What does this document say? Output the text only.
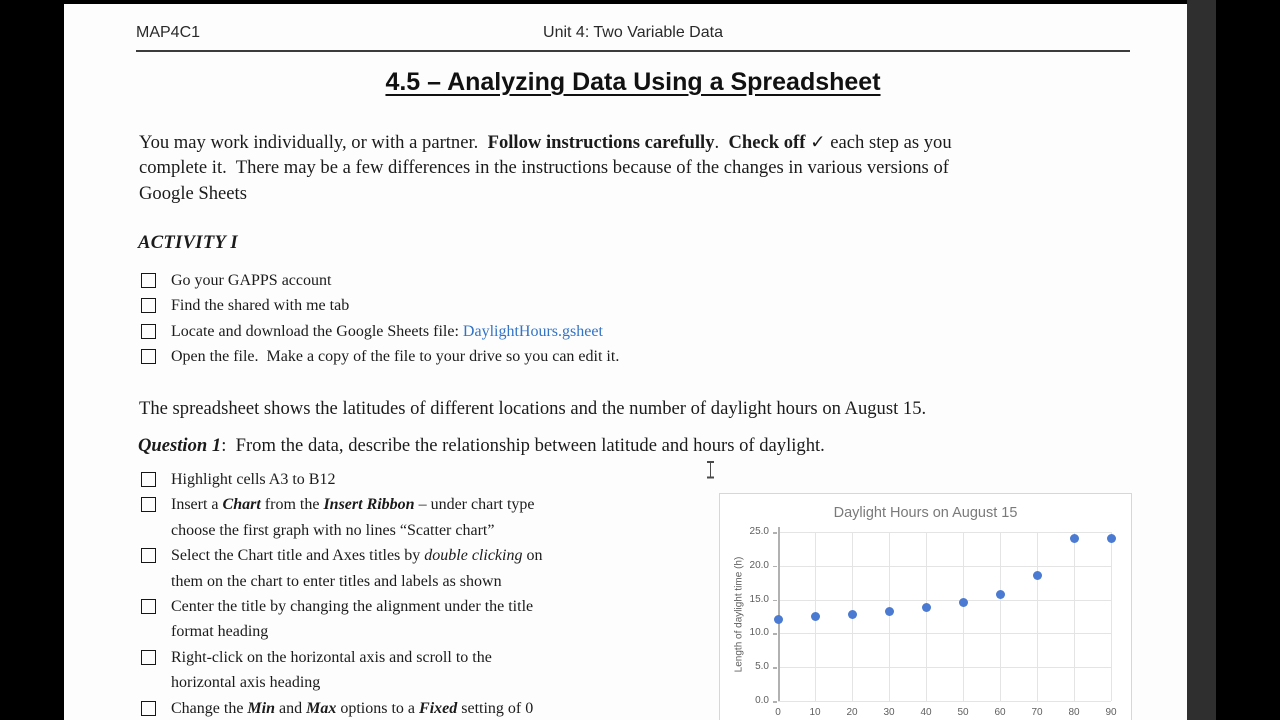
MAP4C1	Unit 4: Two Variable Data
4.5 – Analyzing Data Using a Spreadsheet
You may work individually, or with a partner.  Follow instructions carefully.  Check off ✓ each step as you
complete it.  There may be a few differences in the instructions because of the changes in various versions of
Google Sheets
ACTIVITY I
Go your GAPPS account
Find the shared with me tab
Locate and download the Google Sheets file: DaylightHours.gsheet
Open the file.  Make a copy of the file to your drive so you can edit it.
The spreadsheet shows the latitudes of different locations and the number of daylight hours on August 15.
Question 1:  From the data, describe the relationship between latitude and hours of daylight.
Highlight cells A3 to B12
Insert a Chart from the Insert Ribbon – under chart type
choose the first graph with no lines “Scatter chart”
Select the Chart title and Axes titles by double clicking on
them on the chart to enter titles and labels as shown
Center the title by changing the alignment under the title
format heading
Right-click on the horizontal axis and scroll to the
horizontal axis heading
Change the Min and Max options to a Fixed setting of 0
Daylight Hours on August 15
Length of daylight time (h)
0	10	20	30	40	50	60	70	80	90
0.0
5.0
10.0
15.0
20.0
25.0
